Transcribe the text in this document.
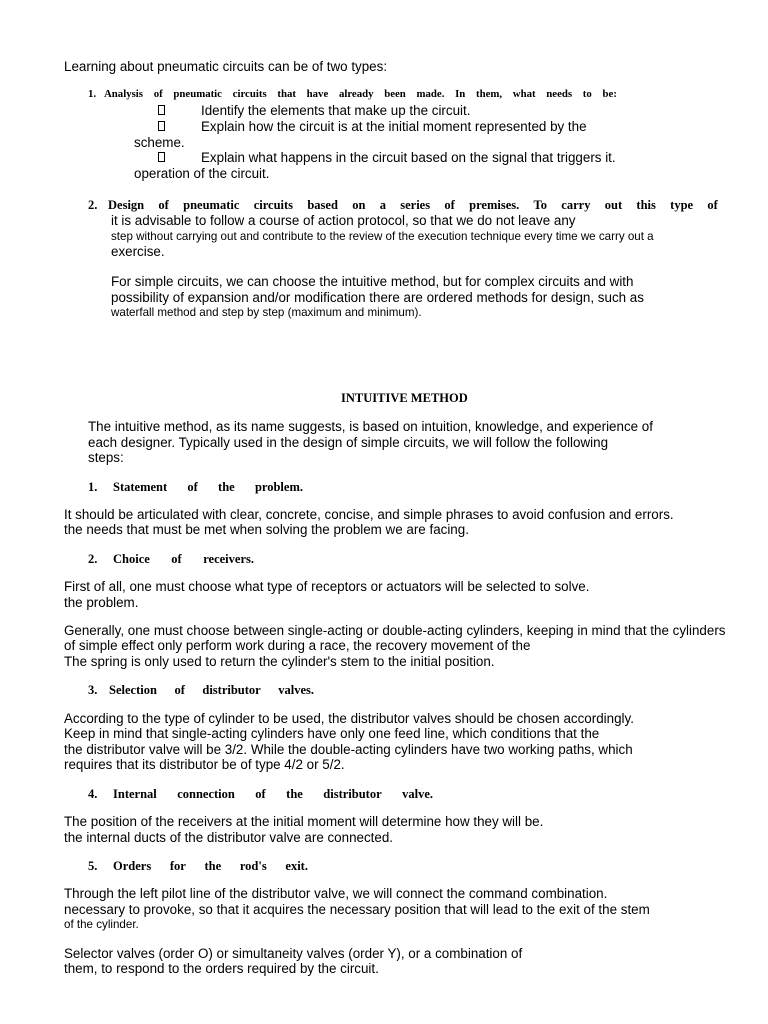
Learning about pneumatic circuits can be of two types:
1. Analysis of pneumatic circuits that have already been made. In them, what needs to be:
Identify the elements that make up the circuit.
Explain how the circuit is at the initial moment represented by the
scheme.
Explain what happens in the circuit based on the signal that triggers it.
operation of the circuit.
2. Design of pneumatic circuits based on a series of premises. To carry out this type of
it is advisable to follow a course of action protocol, so that we do not leave any
step without carrying out and contribute to the review of the execution technique every time we carry out a
exercise.
For simple circuits, we can choose the intuitive method, but for complex circuits and with
possibility of expansion and/or modification there are ordered methods for design, such as
waterfall method and step by step (maximum and minimum).
INTUITIVE METHOD
The intuitive method, as its name suggests, is based on intuition, knowledge, and experience of
each designer. Typically used in the design of simple circuits, we will follow the following
steps:
1. Statement of the problem.
It should be articulated with clear, concrete, concise, and simple phrases to avoid confusion and errors.
the needs that must be met when solving the problem we are facing.
2. Choice of receivers.
First of all, one must choose what type of receptors or actuators will be selected to solve.
the problem.
Generally, one must choose between single-acting or double-acting cylinders, keeping in mind that the cylinders
of simple effect only perform work during a race, the recovery movement of the
The spring is only used to return the cylinder's stem to the initial position.
3. Selection of distributor valves.
According to the type of cylinder to be used, the distributor valves should be chosen accordingly.
Keep in mind that single-acting cylinders have only one feed line, which conditions that the
the distributor valve will be 3/2. While the double-acting cylinders have two working paths, which
requires that its distributor be of type 4/2 or 5/2.
4. Internal connection of the distributor valve.
The position of the receivers at the initial moment will determine how they will be.
the internal ducts of the distributor valve are connected.
5. Orders for the rod's exit.
Through the left pilot line of the distributor valve, we will connect the command combination.
necessary to provoke, so that it acquires the necessary position that will lead to the exit of the stem
of the cylinder.
Selector valves (order O) or simultaneity valves (order Y), or a combination of
them, to respond to the orders required by the circuit.
